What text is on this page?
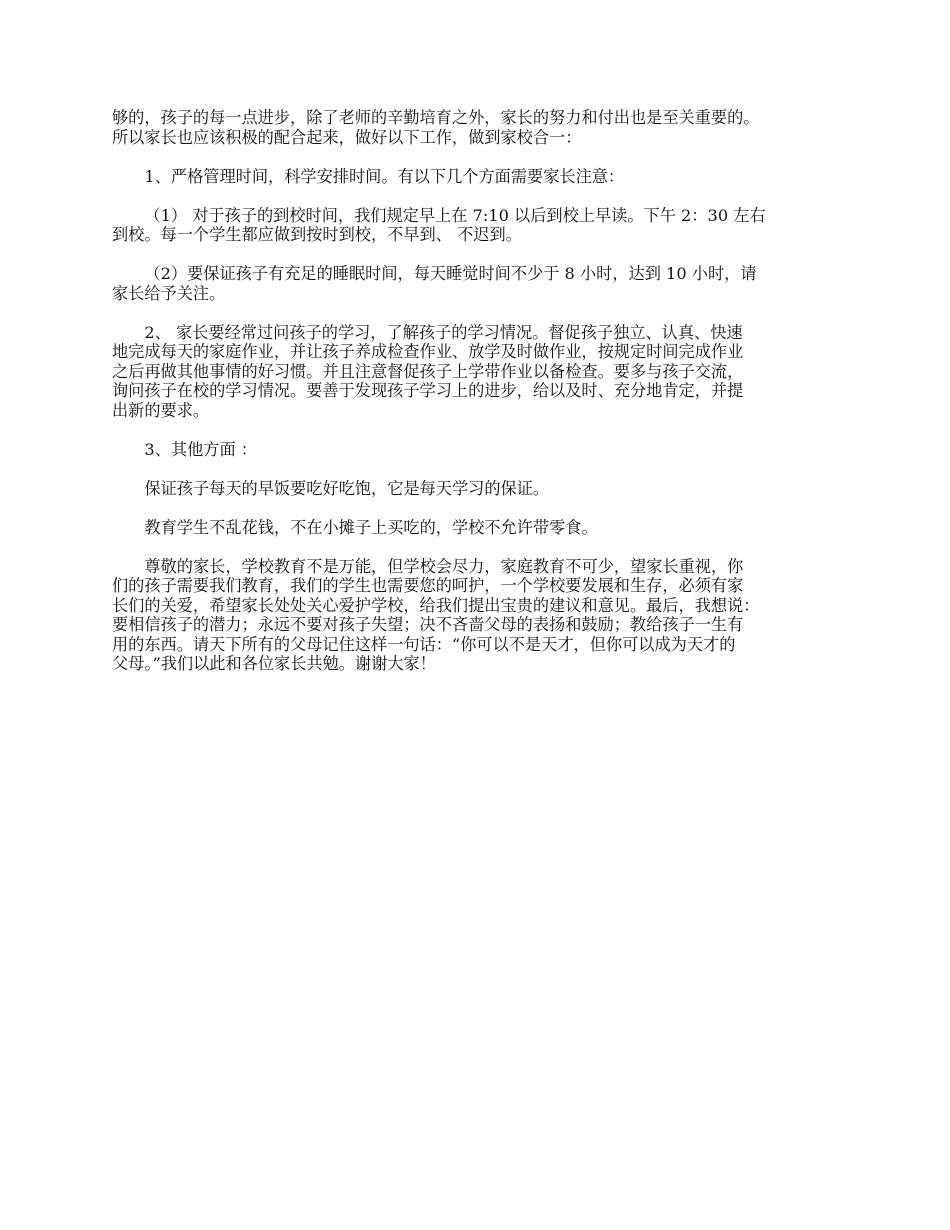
够的，孩子的每一点进步，除了老师的辛勤培育之外，家长的努力和付出也是至关重要的。
所以家长也应该积极的配合起来，做好以下工作，做到家校合一：

1、严格管理时间，科学安排时间。有以下几个方面需要家长注意：

（1） 对于孩子的到校时间，我们规定早上在 7:10 以后到校上早读。下午 2：30 左右
到校。每一个学生都应做到按时到校，不早到、 不迟到。

（2）要保证孩子有充足的睡眠时间，每天睡觉时间不少于 8 小时，达到 10 小时，请
家长给予关注。

2、 家长要经常过问孩子的学习，了解孩子的学习情况。督促孩子独立、认真、快速
地完成每天的家庭作业，并让孩子养成检查作业、放学及时做作业，按规定时间完成作业
之后再做其他事情的好习惯。并且注意督促孩子上学带作业以备检查。要多与孩子交流，
询问孩子在校的学习情况。要善于发现孩子学习上的进步，给以及时、充分地肯定，并提
出新的要求。

3、其他方面 ：

保证孩子每天的早饭要吃好吃饱，它是每天学习的保证。

教育学生不乱花钱，不在小摊子上买吃的，学校不允许带零食。

尊敬的家长，学校教育不是万能，但学校会尽力，家庭教育不可少，望家长重视，你
们的孩子需要我们教育，我们的学生也需要您的呵护，一个学校要发展和生存，必须有家
长们的关爱，希望家长处处关心爱护学校，给我们提出宝贵的建议和意见。最后，我想说：
要相信孩子的潜力；永远不要对孩子失望；决不吝啬父母的表扬和鼓励；教给孩子一生有
用的东西。请天下所有的父母记住这样一句话：“你可以不是天才，但你可以成为天才的
父母。”我们以此和各位家长共勉。谢谢大家！
